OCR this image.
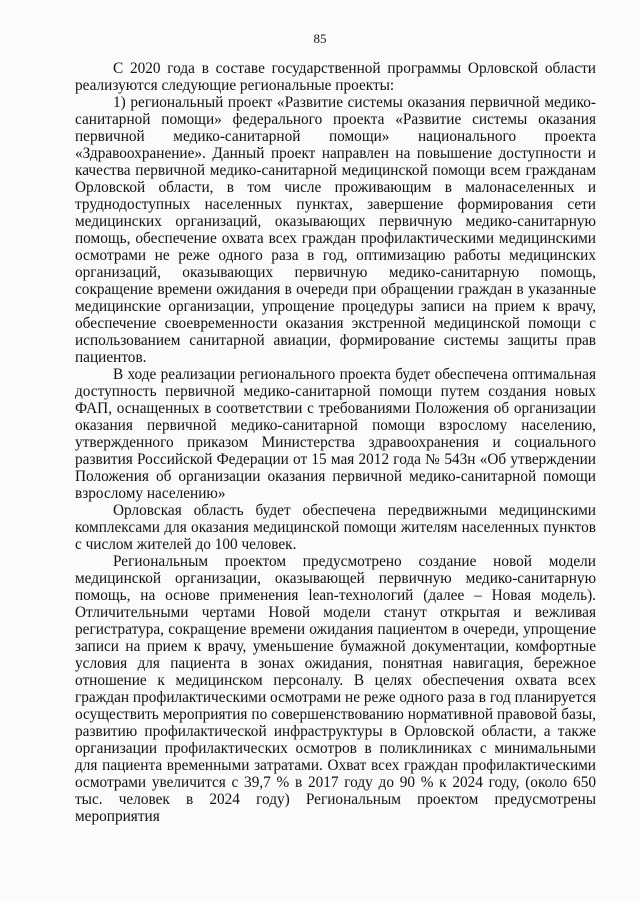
85

С 2020 года в составе государственной программы Орловской области реализуются следующие региональные проекты:

1) региональный проект «Развитие системы оказания первичной медико-санитарной помощи» федерального проекта «Развитие системы оказания первичной медико-санитарной помощи» национального проекта «Здравоохранение». Данный проект направлен на повышение доступности и качества первичной медико-санитарной медицинской помощи всем гражданам Орловской области, в том числе проживающим в малонаселенных и труднодоступных населенных пунктах, завершение формирования сети медицинских организаций, оказывающих первичную медико-санитарную помощь, обеспечение охвата всех граждан профилактическими медицинскими осмотрами не реже одного раза в год, оптимизацию работы медицинских организаций, оказывающих первичную медико-санитарную помощь, сокращение времени ожидания в очереди при обращении граждан в указанные медицинские организации, упрощение процедуры записи на прием к врачу, обеспечение своевременности оказания экстренной медицинской помощи с использованием санитарной авиации, формирование системы защиты прав пациентов.

В ходе реализации регионального проекта будет обеспечена оптимальная доступность первичной медико-санитарной помощи путем создания новых ФАП, оснащенных в соответствии с требованиями Положения об организации оказания первичной медико-санитарной помощи взрослому населению, утвержденного приказом Министерства здравоохранения и социального развития Российской Федерации от 15 мая 2012 года № 543н «Об утверждении Положения об организации оказания первичной медико-санитарной помощи взрослому населению»

Орловская область будет обеспечена передвижными медицинскими комплексами для оказания медицинской помощи жителям населенных пунктов с числом жителей до 100 человек.

Региональным проектом предусмотрено создание новой модели медицинской организации, оказывающей первичную медико-санитарную помощь, на основе применения lean-технологий (далее – Новая модель). Отличительными чертами Новой модели станут открытая и вежливая регистратура, сокращение времени ожидания пациентом в очереди, упрощение записи на прием к врачу, уменьшение бумажной документации, комфортные условия для пациента в зонах ожидания, понятная навигация, бережное отношение к медицинском персоналу. В целях обеспечения охвата всех граждан профилактическими осмотрами не реже одного раза в год планируется осуществить мероприятия по совершенствованию нормативной правовой базы, развитию профилактической инфраструктуры в Орловской области, а также организации профилактических осмотров в поликлиниках с минимальными для пациента временными затратами. Охват всех граждан профилактическими осмотрами увеличится с 39,7 % в 2017 году до 90 % к 2024 году, (около 650 тыс. человек в 2024 году) Региональным проектом предусмотрены мероприятия
